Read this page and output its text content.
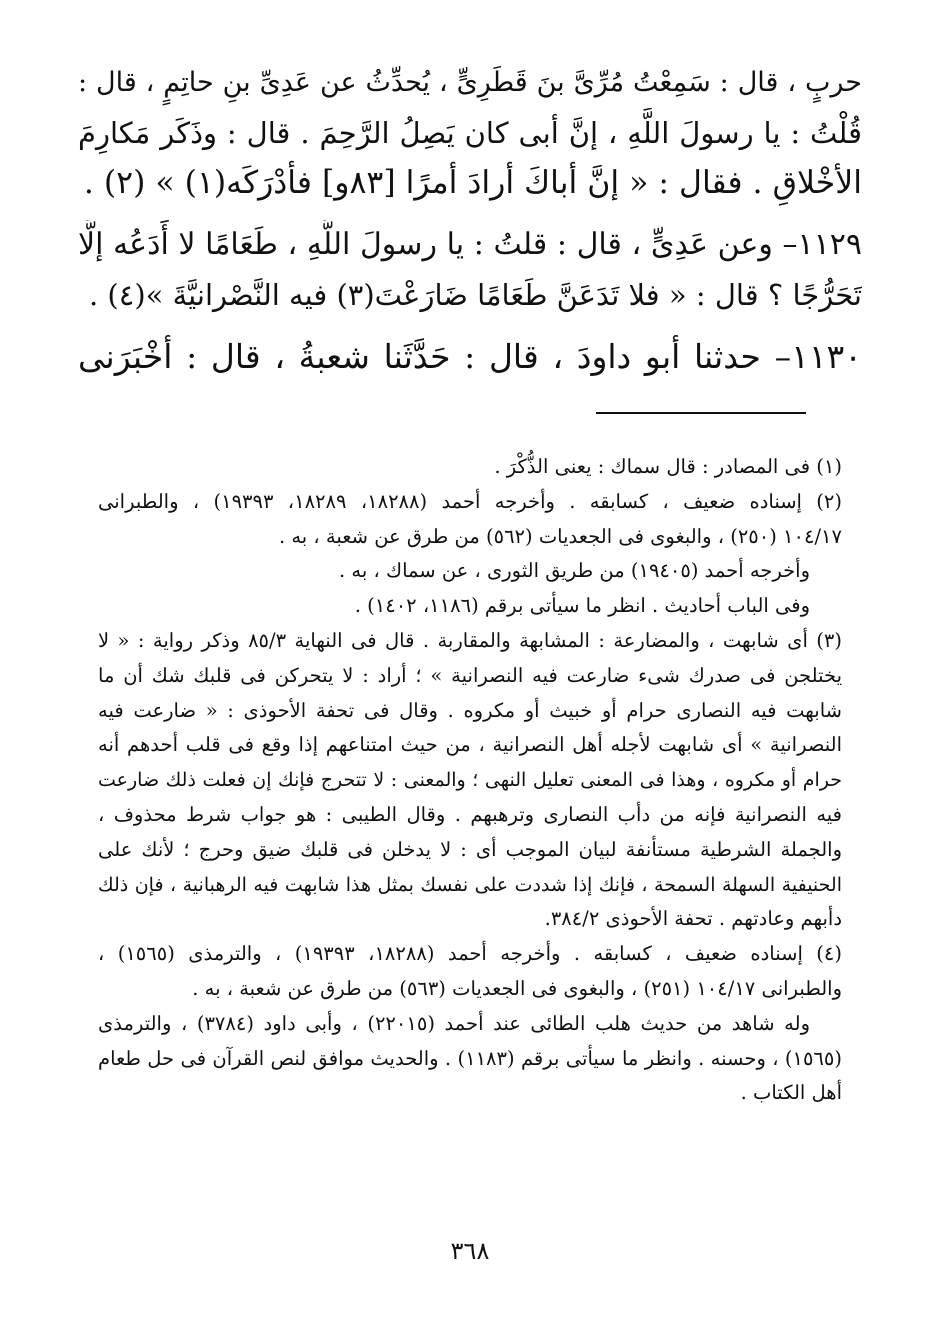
حربٍ ، قال : سَمِعْتُ مُرِّىَّ بنَ قَطَرِىٍّ ، يُحدِّثُ عن عَدِىِّ بنِ حاتِمٍ ، قال :
قُلْتُ : يا رسولَ اللَّهِ ، إنَّ أبى كان يَصِلُ الرَّحِمَ . قال : وذَكَر مَكارِمَ
الأخْلاقِ . فقال : « إنَّ أباكَ أرادَ أمرًا [٨٣و] فأدْرَكَه(١) » (٢) .
١١٢٩– وعن عَدِىٍّ ، قال : قلتُ : يا رسولَ اللَّهِ ، طَعَامًا لا أَدَعُه إلَّا
تَحَرُّجًا ؟ قال : « فلا تَدَعَنَّ طَعَامًا ضَارَعْتَ(٣) فيه النَّصْرانيَّةَ »(٤) .
١١٣٠– حدثنا أبو داودَ ، قال : حَدَّثَنا شعبةُ ، قال : أخْبَرَنى
(١) فى المصادر : قال سماك : يعنى الذُّكْرَ .
(٢) إسناده ضعيف ، كسابقه . وأخرجه أحمد (١٨٢٨٨، ١٨٢٨٩، ١٩٣٩٣) ، والطبرانى
١٠٤/١٧ (٢٥٠) ، والبغوى فى الجعديات (٥٦٢) من طرق عن شعبة ، به .
وأخرجه أحمد (١٩٤٠٥) من طريق الثورى ، عن سماك ، به .
وفى الباب أحاديث . انظر ما سيأتى برقم (١١٨٦، ١٤٠٢) .
(٣) أى شابهت ، والمضارعة : المشابهة والمقاربة . قال فى النهاية ٨٥/٣ وذكر رواية : « لا
يختلجن فى صدرك شىء ضارعت فيه النصرانية » ؛ أراد : لا يتحركن فى قلبك شك أن ما
شابهت فيه النصارى حرام أو خبيث أو مكروه . وقال فى تحفة الأحوذى : « ضارعت فيه
النصرانية » أى شابهت لأجله أهل النصرانية ، من حيث امتناعهم إذا وقع فى قلب أحدهم أنه
حرام أو مكروه ، وهذا فى المعنى تعليل النهى ؛ والمعنى : لا تتحرج فإنك إن فعلت ذلك ضارعت
فيه النصرانية فإنه من دأب النصارى وترهبهم . وقال الطيبى : هو جواب شرط محذوف ،
والجملة الشرطية مستأنفة لبيان الموجب أى : لا يدخلن فى قلبك ضيق وحرج ؛ لأنك على
الحنيفية السهلة السمحة ، فإنك إذا شددت على نفسك بمثل هذا شابهت فيه الرهبانية ، فإن ذلك
دأبهم وعادتهم . تحفة الأحوذى ٣٨٤/٢.
(٤) إسناده ضعيف ، كسابقه . وأخرجه أحمد (١٨٢٨٨، ١٩٣٩٣) ، والترمذى (١٥٦٥) ،
والطبرانى ١٠٤/١٧ (٢٥١) ، والبغوى فى الجعديات (٥٦٣) من طرق عن شعبة ، به .
وله شاهد من حديث هلب الطائى عند أحمد (٢٢٠١٥) ، وأبى داود (٣٧٨٤) ، والترمذى
(١٥٦٥) ، وحسنه . وانظر ما سيأتى برقم (١١٨٣) . والحديث موافق لنص القرآن فى حل طعام
أهل الكتاب .
٣٦٨
